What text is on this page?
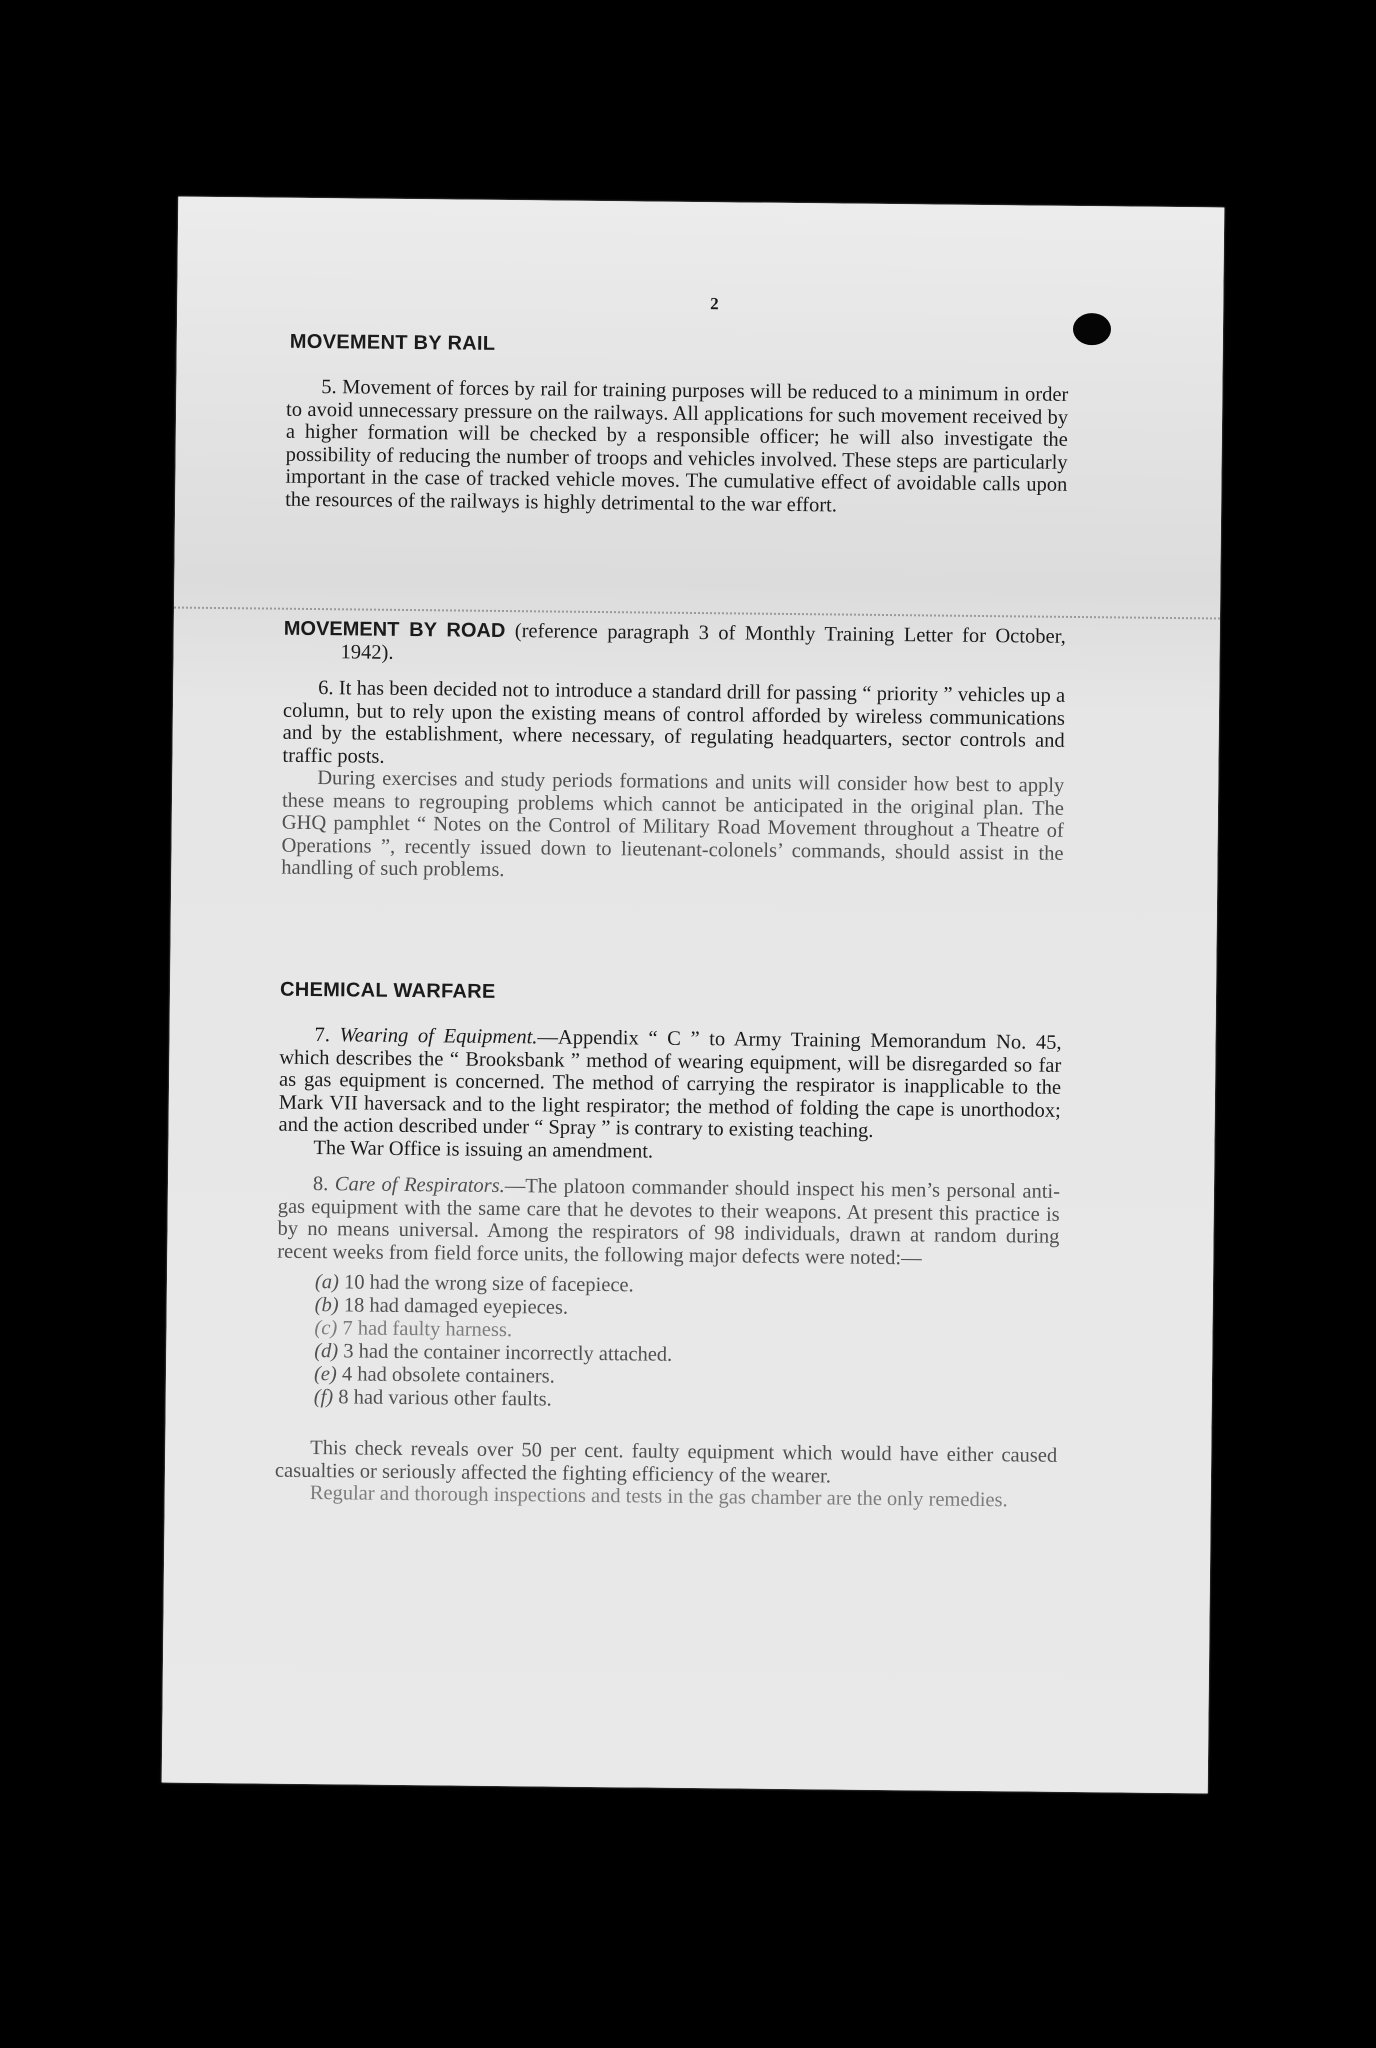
2
MOVEMENT BY RAIL

5. Movement of forces by rail for training purposes will be reduced to a minimum in order to avoid unnecessary pressure on the railways. All applications for such movement received by a higher formation will be checked by a responsible officer; he will also investigate the possibility of reducing the number of troops and vehicles involved. These steps are particularly important in the case of tracked vehicle moves. The cumulative effect of avoidable calls upon the resources of the railways is highly detrimental to the war effort.

MOVEMENT BY ROAD (reference paragraph 3 of Monthly Training Letter for October, 1942).

6. It has been decided not to introduce a standard drill for passing “ priority ” vehicles up a column, but to rely upon the existing means of control afforded by wireless communications and by the establishment, where necessary, of regulating headquarters, sector controls and traffic posts.

During exercises and study periods formations and units will consider how best to apply these means to regrouping problems which cannot be anticipated in the original plan. The GHQ pamphlet “ Notes on the Control of Military Road Movement throughout a Theatre of Operations ”, recently issued down to lieutenant-colonels’ commands, should assist in the handling of such problems.

CHEMICAL WARFARE

7. Wearing of Equipment.—Appendix “ C ” to Army Training Memorandum No. 45, which describes the “ Brooksbank ” method of wearing equipment, will be disregarded so far as gas equipment is concerned. The method of carrying the respirator is inapplicable to the Mark VII haversack and to the light respirator; the method of folding the cape is unorthodox; and the action described under “ Spray ” is contrary to existing teaching.

The War Office is issuing an amendment.

8. Care of Respirators.—The platoon commander should inspect his men’s personal anti-gas equipment with the same care that he devotes to their weapons. At present this practice is by no means universal. Among the respirators of 98 individuals, drawn at random during recent weeks from field force units, the following major defects were noted:—

(a) 10 had the wrong size of facepiece.
(b) 18 had damaged eyepieces.
(c) 7 had faulty harness.
(d) 3 had the container incorrectly attached.
(e) 4 had obsolete containers.
(f) 8 had various other faults.

This check reveals over 50 per cent. faulty equipment which would have either caused casualties or seriously affected the fighting efficiency of the wearer.

Regular and thorough inspections and tests in the gas chamber are the only remedies.
